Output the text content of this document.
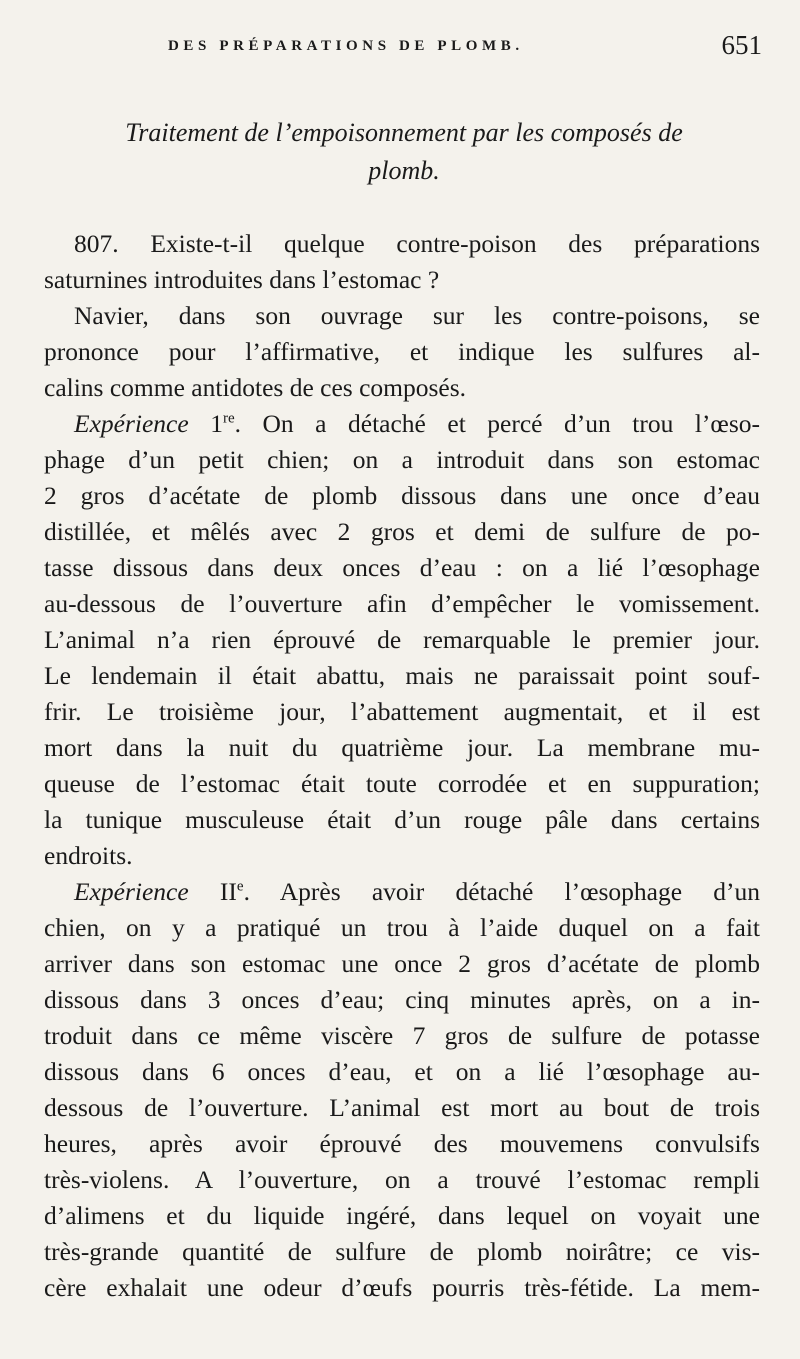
DES PRÉPARATIONS DE PLOMB.	651
Traitement de l’empoisonnement par les composés de
plomb.

807. Existe-t-il quelque contre-poison des préparations
saturnines introduites dans l’estomac ?

Navier, dans son ouvrage sur les contre-poisons, se
prononce pour l’affirmative, et indique les sulfures al-
calins comme antidotes de ces composés.

Expérience 1re. On a détaché et percé d’un trou l’œso-
phage d’un petit chien; on a introduit dans son estomac
2 gros d’acétate de plomb dissous dans une once d’eau
distillée, et mêlés avec 2 gros et demi de sulfure de po-
tasse dissous dans deux onces d’eau : on a lié l’œsophage
au-dessous de l’ouverture afin d’empêcher le vomissement.
L’animal n’a rien éprouvé de remarquable le premier jour.
Le lendemain il était abattu, mais ne paraissait point souf-
frir. Le troisième jour, l’abattement augmentait, et il est
mort dans la nuit du quatrième jour. La membrane mu-
queuse de l’estomac était toute corrodée et en suppuration;
la tunique musculeuse était d’un rouge pâle dans certains
endroits.

Expérience IIe. Après avoir détaché l’œsophage d’un
chien, on y a pratiqué un trou à l’aide duquel on a fait
arriver dans son estomac une once 2 gros d’acétate de plomb
dissous dans 3 onces d’eau; cinq minutes après, on a in-
troduit dans ce même viscère 7 gros de sulfure de potasse
dissous dans 6 onces d’eau, et on a lié l’œsophage au-
dessous de l’ouverture. L’animal est mort au bout de trois
heures, après avoir éprouvé des mouvemens convulsifs
très-violens. A l’ouverture, on a trouvé l’estomac rempli
d’alimens et du liquide ingéré, dans lequel on voyait une
très-grande quantité de sulfure de plomb noirâtre; ce vis-
cère exhalait une odeur d’œufs pourris très-fétide. La mem-
